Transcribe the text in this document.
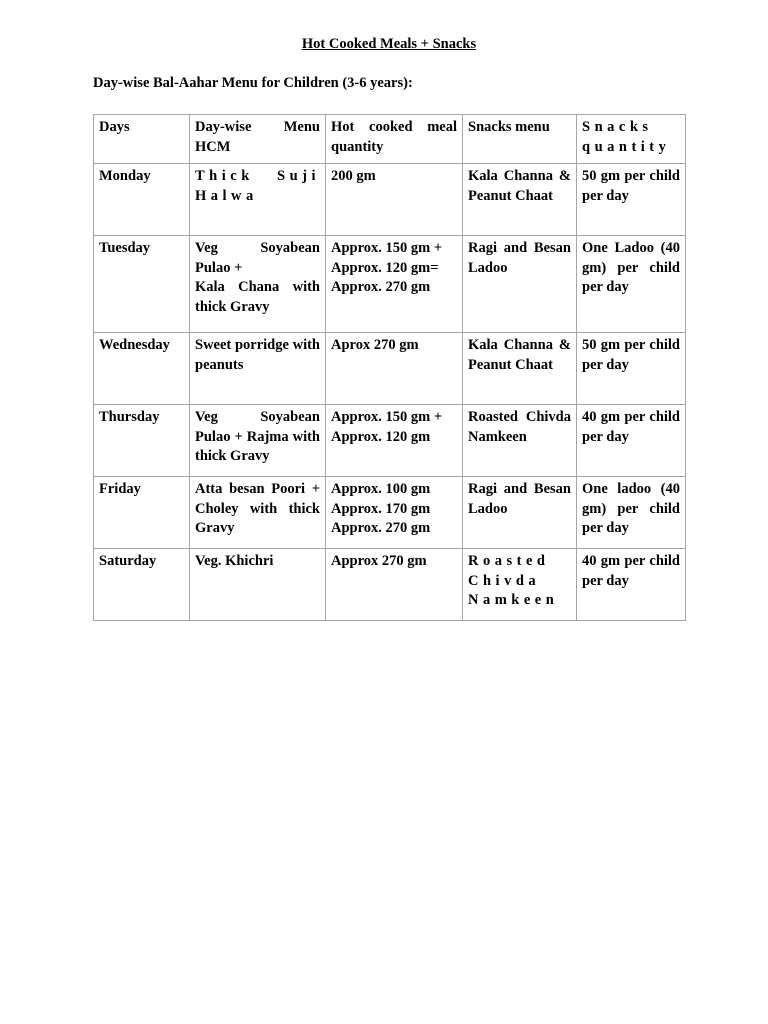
Hot Cooked Meals + Snacks
Day-wise Bal-Aahar Menu for Children (3-6 years):
Days	Day-wise Menu HCM	Hot cooked meal quantity	Snacks menu	Snacks quantity
Monday	Thick Suji Halwa	200 gm	Kala Channa & Peanut Chaat	50 gm per child per day
Tuesday	Veg Soyabean Pulao +
Kala Chana with thick Gravy	Approx. 150 gm +
Approx. 120 gm=
Approx. 270 gm	Ragi and Besan Ladoo	One Ladoo (40 gm) per child per day
Wednesday	Sweet porridge with peanuts	Aprox 270 gm	Kala Channa & Peanut Chaat	50 gm per child per day
Thursday	Veg Soyabean Pulao + Rajma with thick Gravy	Approx. 150 gm +
Approx. 120 gm	Roasted Chivda Namkeen	40 gm per child per day
Friday	Atta besan Poori + Choley with thick Gravy	Approx. 100 gm
Approx. 170 gm
Approx. 270 gm	Ragi and Besan Ladoo	One ladoo (40 gm) per child per day
Saturday	Veg. Khichri	Approx 270 gm	Roasted Chivda Namkeen	40 gm per child per day
